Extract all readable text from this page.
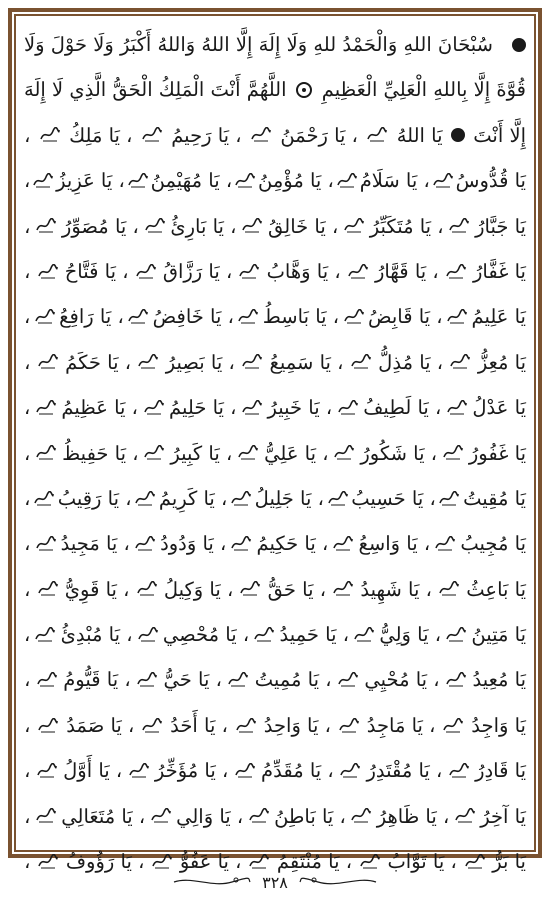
سُبْحَانَ اللهِ وَالْحَمْدُ للهِ وَلَا إِلَهَ إِلَّا اللهُ وَاللهُ أَكْبَرُ وَلَا حَوْلَ وَلَا
قُوَّةَ إِلَّا بِاللهِ الْعَلِيِّ الْعَظِيمِ
اللَّهُمَّ أَنْتَ الْمَلِكُ الْحَقُّ الَّذِي لَا إِلَهَ
إِلَّا أَنْتَ
يَا اللهُ
، يَا رَحْمَنُ
، يَا رَحِيمُ
، يَا مَلِكُ
،
يَا قُدُّوسُ
، يَا سَلَامُ
، يَا مُؤْمِنُ
، يَا مُهَيْمِنُ
، يَا عَزِيزُ
،
يَا جَبَّارُ
، يَا مُتَكَبِّرُ
، يَا خَالِقُ
، يَا بَارِئُ
، يَا مُصَوِّرُ
،
يَا غَفَّارُ
، يَا قَهَّارُ
، يَا وَهَّابُ
، يَا رَزَّاقُ
، يَا فَتَّاحُ
،
يَا عَلِيمُ
، يَا قَابِضُ
، يَا بَاسِطُ
، يَا خَافِضُ
، يَا رَافِعُ
،
يَا مُعِزُّ
، يَا مُذِلُّ
، يَا سَمِيعُ
، يَا بَصِيرُ
، يَا حَكَمُ
،
يَا عَدْلُ
، يَا لَطِيفُ
، يَا خَبِيرُ
، يَا حَلِيمُ
، يَا عَظِيمُ
،
يَا غَفُورُ
، يَا شَكُورُ
، يَا عَلِيُّ
، يَا كَبِيرُ
، يَا حَفِيظُ
،
يَا مُقِيتُ
، يَا حَسِيبُ
، يَا جَلِيلُ
، يَا كَرِيمُ
، يَا رَقِيبُ
،
يَا مُجِيبُ
، يَا وَاسِعُ
، يَا حَكِيمُ
، يَا وَدُودُ
، يَا مَجِيدُ
،
يَا بَاعِثُ
، يَا شَهِيدُ
، يَا حَقُّ
، يَا وَكِيلُ
، يَا قَوِيُّ
،
يَا مَتِينُ
، يَا وَلِيُّ
، يَا حَمِيدُ
، يَا مُحْصِي
، يَا مُبْدِئُ
،
يَا مُعِيدُ
، يَا مُحْيِي
، يَا مُمِيتُ
، يَا حَيُّ
، يَا قَيُّومُ
،
يَا وَاجِدُ
، يَا مَاجِدُ
، يَا وَاحِدُ
، يَا أَحَدُ
، يَا صَمَدُ
،
يَا قَادِرُ
، يَا مُقْتَدِرُ
، يَا مُقَدِّمُ
، يَا مُؤَخِّرُ
، يَا أَوَّلُ
،
يَا آخِرُ
، يَا ظَاهِرُ
، يَا بَاطِنُ
، يَا وَالِي
، يَا مُتَعَالِي
،
يَا بَرُّ
، يَا تَوَّابُ
، يَا مُنْتَقِمُ
، يَا عَفُوُّ
، يَا رَؤُوفُ
،
٣٢٨
